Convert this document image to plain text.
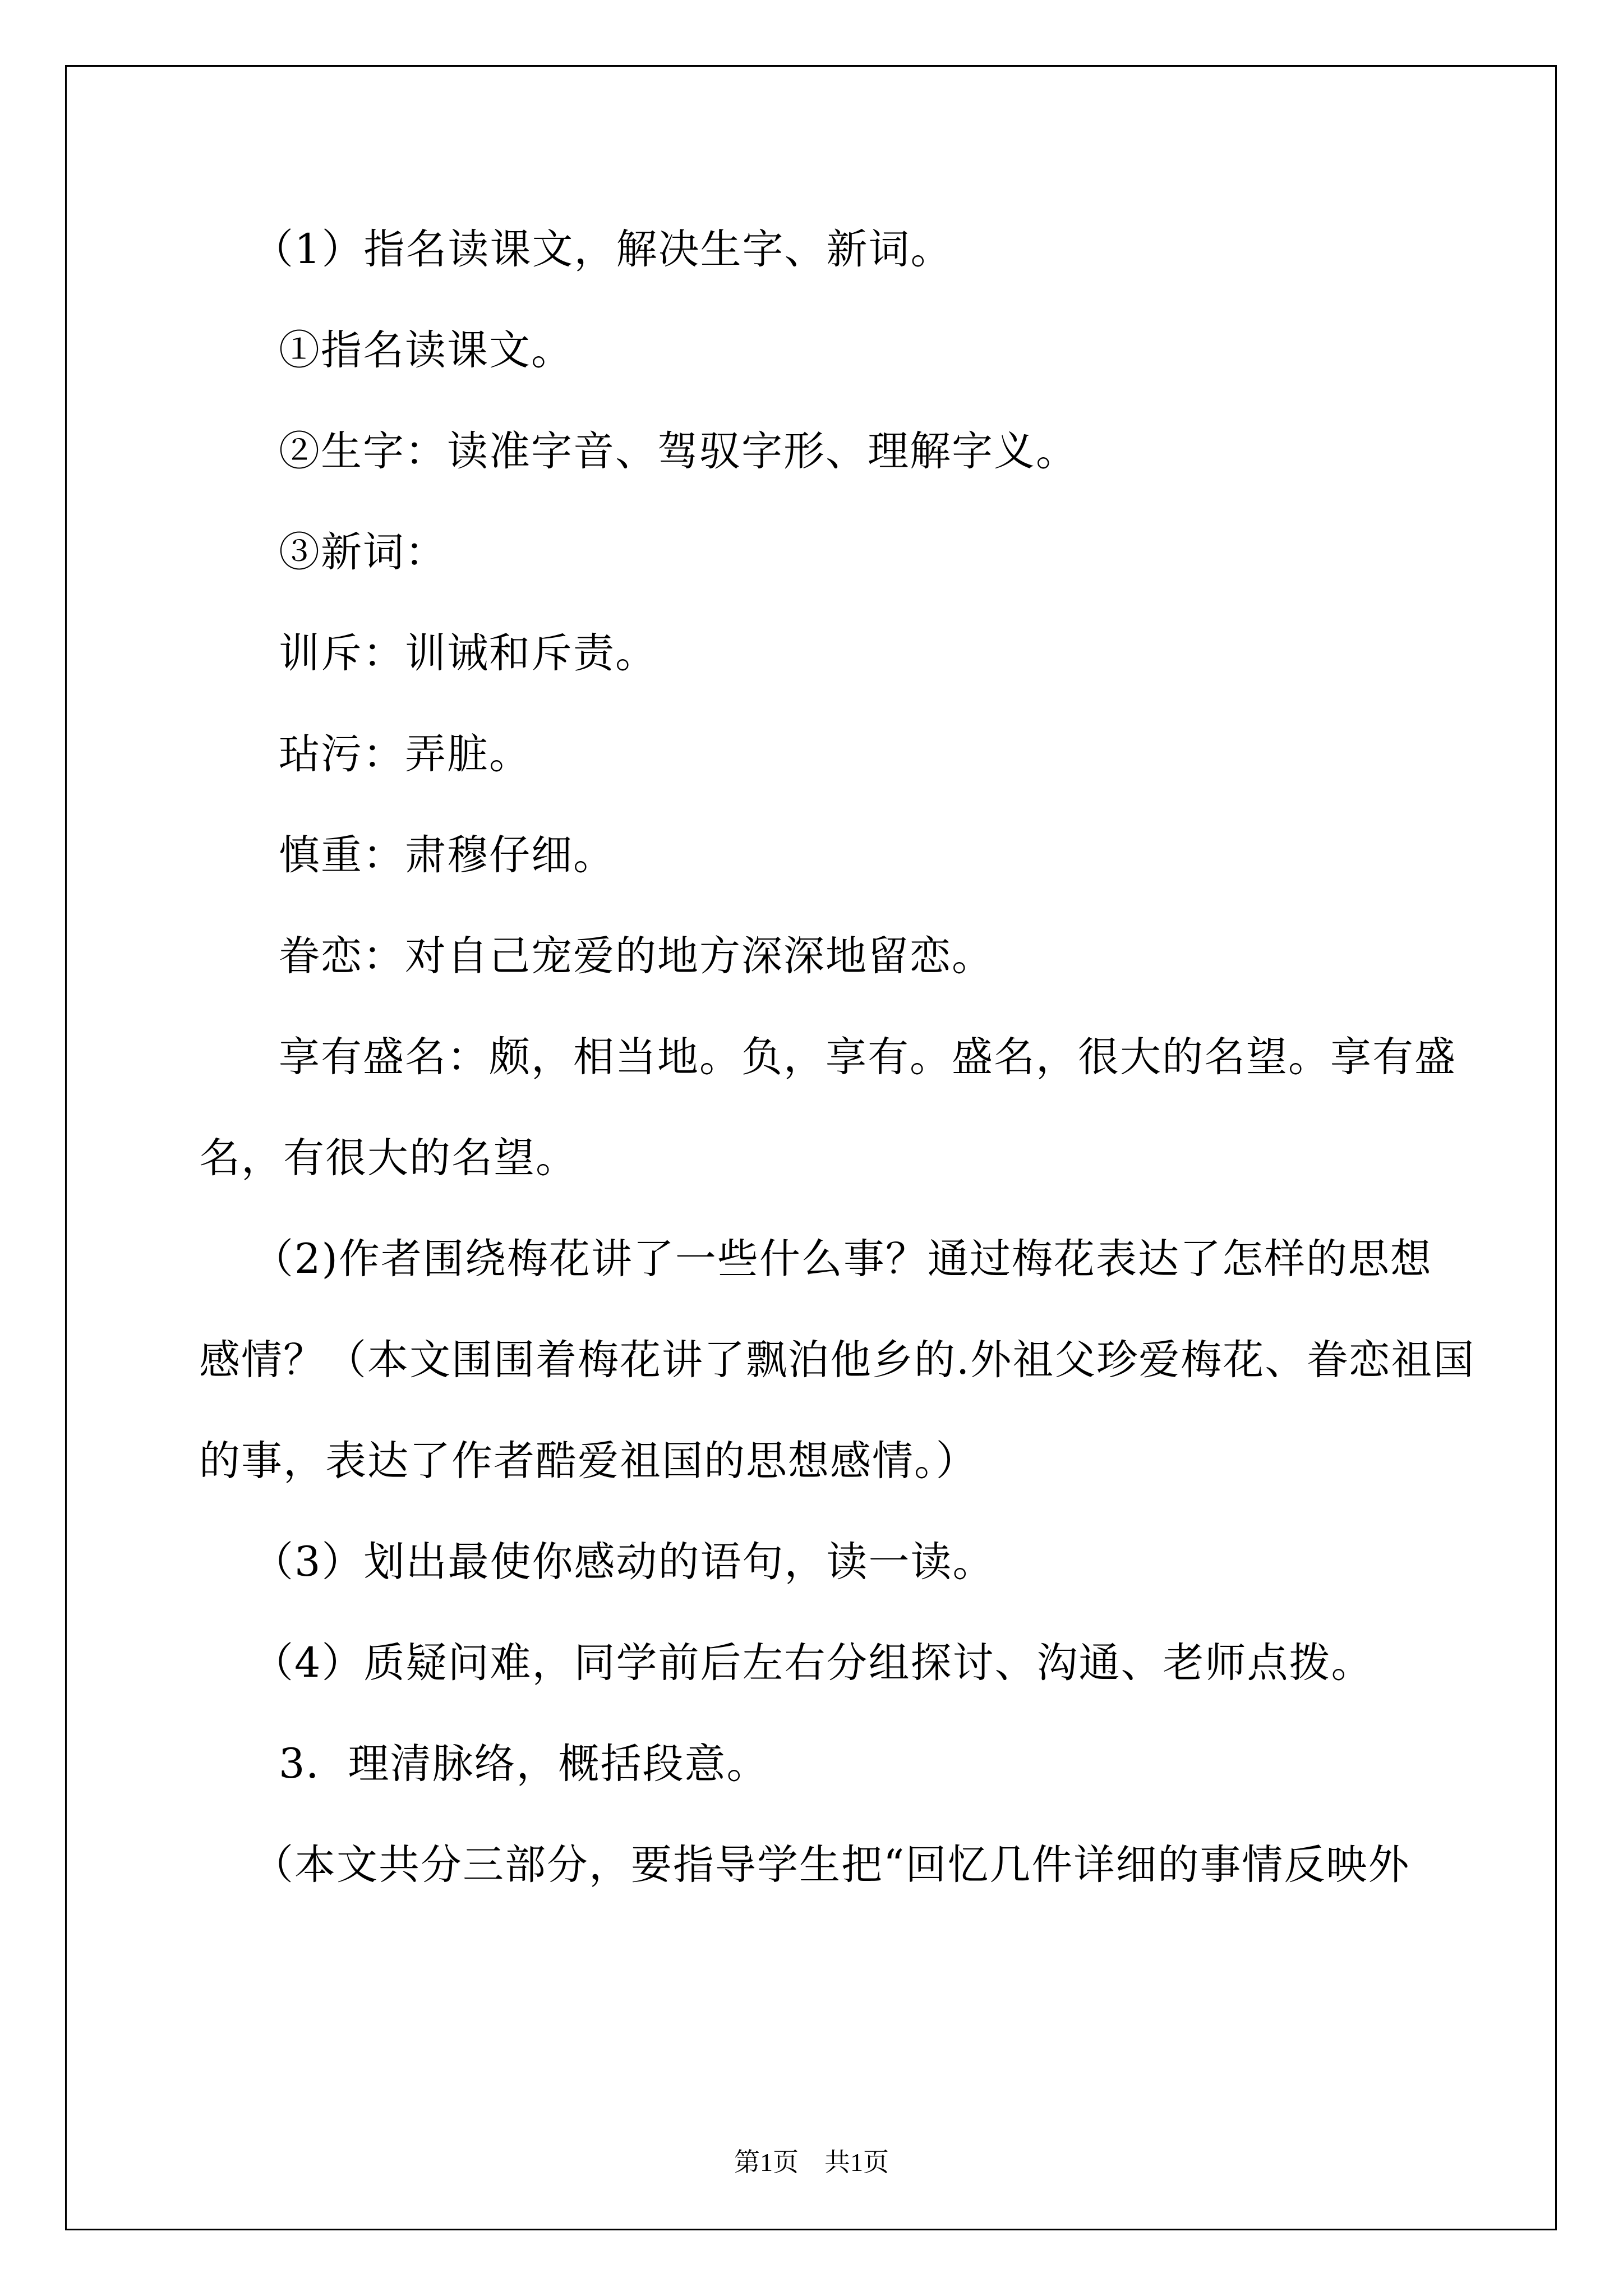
（1）指名读课文，解决生字、新词。
①指名读课文。
②生字：读准字音、驾驭字形、理解字义。
③新词：
训斥：训诫和斥责。
玷污：弄脏。
慎重：肃穆仔细。
眷恋：对自己宠爱的地方深深地留恋。
享有盛名：颇，相当地。负，享有。盛名，很大的名望。享有盛
名，有很大的名望。
（2)作者围绕梅花讲了一些什么事？通过梅花表达了怎样的思想
感情？（本文围围着梅花讲了飘泊他乡的.外祖父珍爱梅花、眷恋祖国
的事，表达了作者酷爱祖国的思想感情。）
（3）划出最使你感动的语句，读一读。
（4）质疑问难，同学前后左右分组探讨、沟通、老师点拨。
3．理清脉络，概括段意。
（本文共分三部分，要指导学生把“回忆几件详细的事情反映外
第1页　共1页
